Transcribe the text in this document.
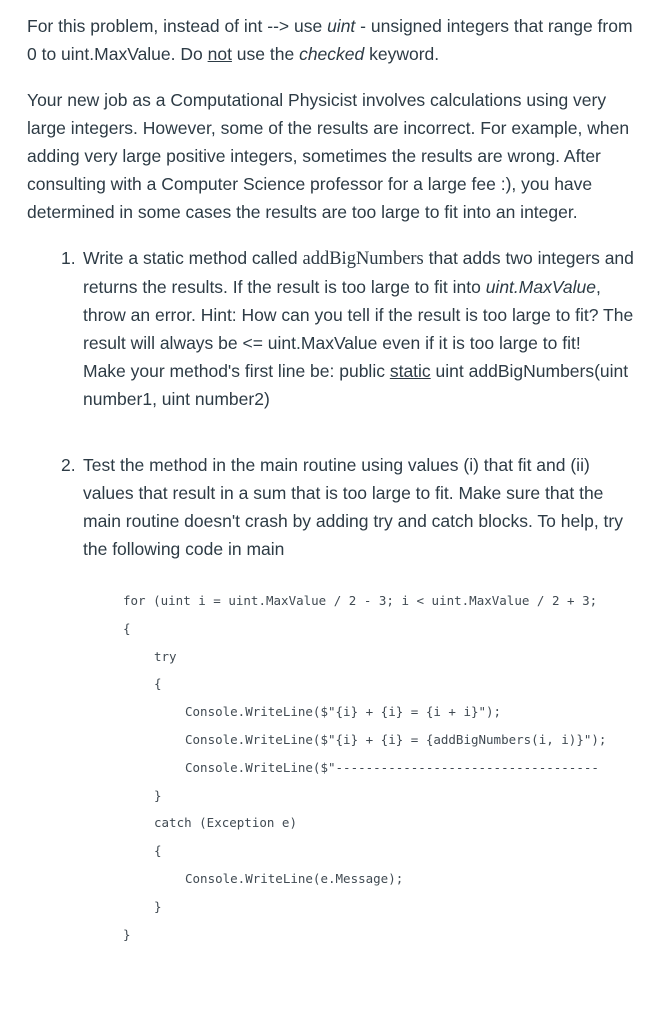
For this problem, instead of int --> use uint - unsigned integers that range from 0 to uint.MaxValue. Do not use the checked keyword.

Your new job as a Computational Physicist involves calculations using very large integers. However, some of the results are incorrect. For example, when adding very large positive integers, sometimes the results are wrong. After consulting with a Computer Science professor for a large fee :), you have determined in some cases the results are too large to fit into an integer.

1. Write a static method called addBigNumbers that adds two integers and returns the results. If the result is too large to fit into uint.MaxValue, throw an error. Hint: How can you tell if the result is too large to fit? The result will always be <= uint.MaxValue even if it is too large to fit!
Make your method's first line be: public static uint addBigNumbers(uint number1, uint number2)

2. Test the method in the main routine using values (i) that fit and (ii) values that result in a sum that is too large to fit. Make sure that the main routine doesn't crash by adding try and catch blocks. To help, try the following code in main

for (uint i = uint.MaxValue / 2 - 3; i < uint.MaxValue / 2 + 3;
{
try
{
Console.WriteLine($"{i} + {i} = {i + i}");
Console.WriteLine($"{i} + {i} = {addBigNumbers(i, i)}");
Console.WriteLine($"-----------------------------------
}
catch (Exception e)
{
Console.WriteLine(e.Message);
}
}
